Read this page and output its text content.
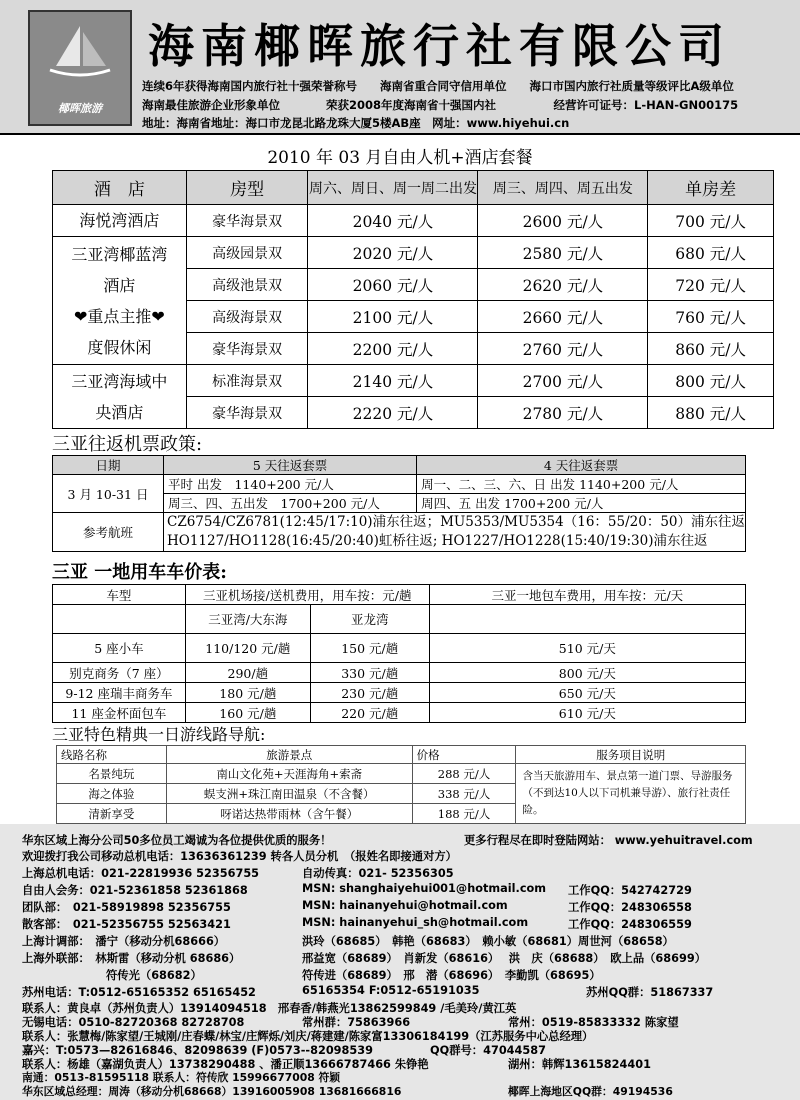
椰晖旅游
海南椰晖旅行社有限公司
连续6年获得海南国内旅行社十强荣誉称号　　海南省重合同守信用单位　　海口市国内旅行社质量等级评比A级单位
海南最佳旅游企业形象单位　　　　荣获2008年度海南省十强国内社　　　　　经营许可证号：L-HAN-GN00175
地址：海南省地址：海口市龙昆北路龙珠大厦5楼AB座　网址：www.hiyehui.cn
2010 年 03 月自由人机+酒店套餐
酒　店	房型	周六、周日、周一周二出发	周三、周四、周五出发	单房差
海悦湾酒店	豪华海景双	2040 元/人	2600 元/人	700 元/人

三亚湾椰蓝湾
酒店
❤重点主推❤
度假休闲	高级园景双	2020 元/人	2580 元/人	680 元/人
	高级池景双	2060 元/人	2620 元/人	720 元/人
	高级海景双	2100 元/人	2660 元/人	760 元/人
	豪华海景双	2200 元/人	2760 元/人	860 元/人

三亚湾海域中
央酒店	标准海景双	2140 元/人	2700 元/人	800 元/人
	豪华海景双	2220 元/人	2780 元/人	880 元/人
三亚往返机票政策:
日期	5 天往返套票	4 天往返套票
3 月 10-31 日	平时 出发　1140+200 元/人	周一、二、三、六、日 出发 1140+200 元/人
	周三、四、五出发　1700+200 元/人	周四、五 出发 1700+200 元/人
参考航班	CZ6754/CZ6781(12:45/17:10)浦东往返；MU5353/MU5354（16：55/20：50）浦东往返
HO1127/HO1128(16:45/20:40)虹桥往返; HO1227/HO1228(15:40/19:30)浦东往返	
三亚 一地用车车价表:
车型	三亚机场接/送机费用，用车按：元/趟		三亚一地包车费用，用车按：元/天
	三亚湾/大东海	亚龙湾	
5 座小车	110/120 元/趟	150 元/趟	510 元/天
别克商务（7 座）	290/趟	330 元/趟	800 元/天
9-12 座瑞丰商务车	180 元/趟	230 元/趟	650 元/天
11 座金杯面包车	160 元/趟	220 元/趟	610 元/天
三亚特色精典一日游线路导航:
线路名称	旅游景点	价格	服务项目说明
名景纯玩	南山文化苑+天涯海角+索斋	288 元/人	含当天旅游用车、景点第一道门票、导游服务（不到达10人以下司机兼导游）、旅行社责任险。
海之体验	蜈支洲+珠江南田温泉（不含餐）	338 元/人	
清新享受	呀诺达热带雨林（含午餐）	188 元/人	
华东区域上海分公司50多位员工竭诚为各位提供优质的服务！	更多行程尽在即时登陆网站： www.yehuitravel.com
欢迎拨打我公司移动总机电话：13636361239 转各人员分机　（报姓名即接通对方）
上海总机电话：021-22819936 52356755	自动传真：021- 52356305
自由人会务：021-52361858 52361868	MSN: shanghaiyehui001@hotmail.com 工作QQ：542742729
团队部：　021-58919898 52356755	MSN: hainanyehui@hotmail.com	工作QQ：248306558
散客部：　021-52356755 52563421	MSN: hainanyehui_sh@hotmail.com	工作QQ：248306559
上海计调部：　潘宁（移动分机68666）	洪玲（68685）　韩艳（68683）　赖小敏（68681）周世河（68658）
上海外联部：　林斯雷（移动分机 68686）	邢益宽（68689）　肖新发（68616）　 洪　庆（68688）　欧上品（68699）
符传光（68682）	符传进（68689）　邢　潜（68696）　李勤凯（68695）
苏州电话：T:0512-65165352 65165452	65165354 F:0512-65191035	苏州QQ群：51867337
联系人：黄良卓（苏州负责人）13914094518　邢春香/韩燕光13862599849 /毛美玲/黄江英
无锡电话：0510-82720368 82728708	常州群：75863966	常州：0519-85833332 陈家望
联系人：张慧梅/陈家望/王城刚/庄春蝶/林宝/庄辉烁/刘庆/蒋建建/陈家富13306184199（江苏服务中心总经理）
嘉兴：T:0573—82616846、82098639 (F)0573--82098539	QQ群号：47044587
联系人：杨雄（嘉湖负责人）13738290488 、潘正顺13666787466 朱铮艳	湖州：韩辉13615824401
南通：0513-81595118 联系人：符传欣 15996677008 符颖
华东区域总经理：周涛（移动分机68668）13916005908 13681666816	椰晖上海地区QQ群：49194536
